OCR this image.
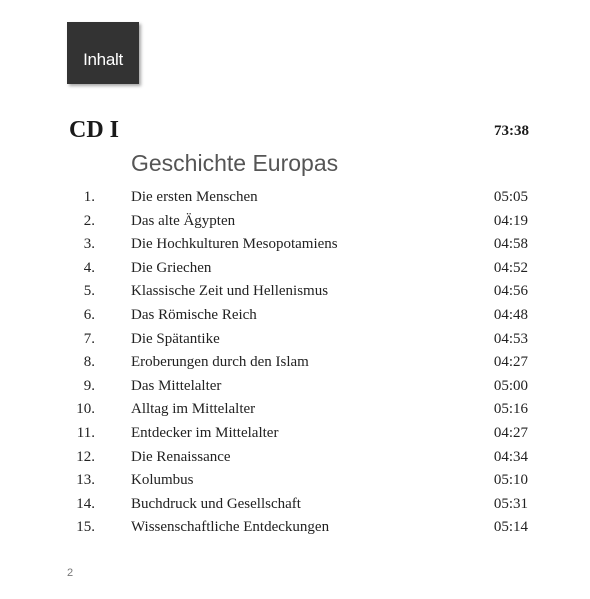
Inhalt
CD I	73:38
Geschichte Europas
1. Die ersten Menschen	05:05
2. Das alte Ägypten	04:19
3. Die Hochkulturen Mesopotamiens	04:58
4. Die Griechen	04:52
5. Klassische Zeit und Hellenismus	04:56
6. Das Römische Reich	04:48
7. Die Spätantike	04:53
8. Eroberungen durch den Islam	04:27
9. Das Mittelalter	05:00
10. Alltag im Mittelalter	05:16
11. Entdecker im Mittelalter	04:27
12. Die Renaissance	04:34
13. Kolumbus	05:10
14. Buchdruck und Gesellschaft	05:31
15. Wissenschaftliche Entdeckungen	05:14
2
